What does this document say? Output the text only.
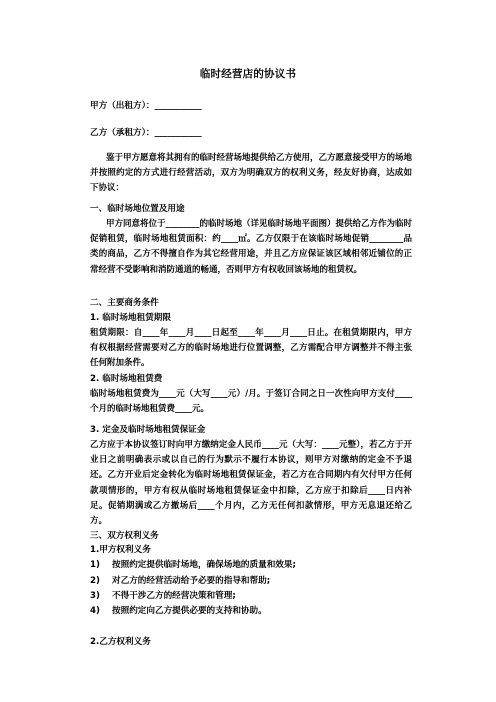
临时经营店的协议书
甲方（出租方）：___________
乙方（承租方）：___________
鉴于甲方愿意将其拥有的临时经营场地提供给乙方使用，乙方愿意接受甲方的场地并按照约定的方式进行经营活动，双方为明确双方的权利义务，经友好协商，达成如下协议：
一、临时场地位置及用途
甲方同意将位于________的临时场地（详见临时场地平面图）提供给乙方作为临时促销租赁，临时场地租赁面积：约____㎡。乙方仅限于在该临时场地促销________品类的商品，乙方不得擅自作为其它经营用途，并且乙方应保证该区域相邻近铺位的正常经营不受影响和消防通道的畅通，否则甲方有权收回该场地的租赁权。
二、主要商务条件
1. 临时场地租赁期限
租赁期限：自____年____月____日起至____年____月____日止。在租赁期限内，甲方有权根据经营需要对乙方的临时场地进行位置调整，乙方需配合甲方调整并不得主张任何附加条件。
2. 临时场地租赁费
临时场地租赁费为____元（大写____元）/月。于签订合同之日一次性向甲方支付____个月的临时场地租赁费____元。
3. 定金及临时场地租赁保证金
乙方应于本协议签订时向甲方缴纳定金人民币____元（大写：____元整），若乙方于开业日之前明确表示或以自己的行为默示不履行本协议，则甲方对缴纳的定金不予退还。乙方开业后定金转化为临时场地租赁保证金，若乙方在合同期内有欠付甲方任何款项情形的，甲方有权从临时场地租赁保证金中扣除，乙方应于扣除后____日内补足。促销期满或乙方撤场后____个月内，乙方无任何扣款情形，甲方无息退还给乙方。
三、双方权利义务
1.甲方权利义务
1) 按照约定提供临时场地，确保场地的质量和效果;
2) 对乙方的经营活动给予必要的指导和帮助;
3) 不得干涉乙方的经营决策和管理;
4) 按照约定向乙方提供必要的支持和协助。
2.乙方权利义务
